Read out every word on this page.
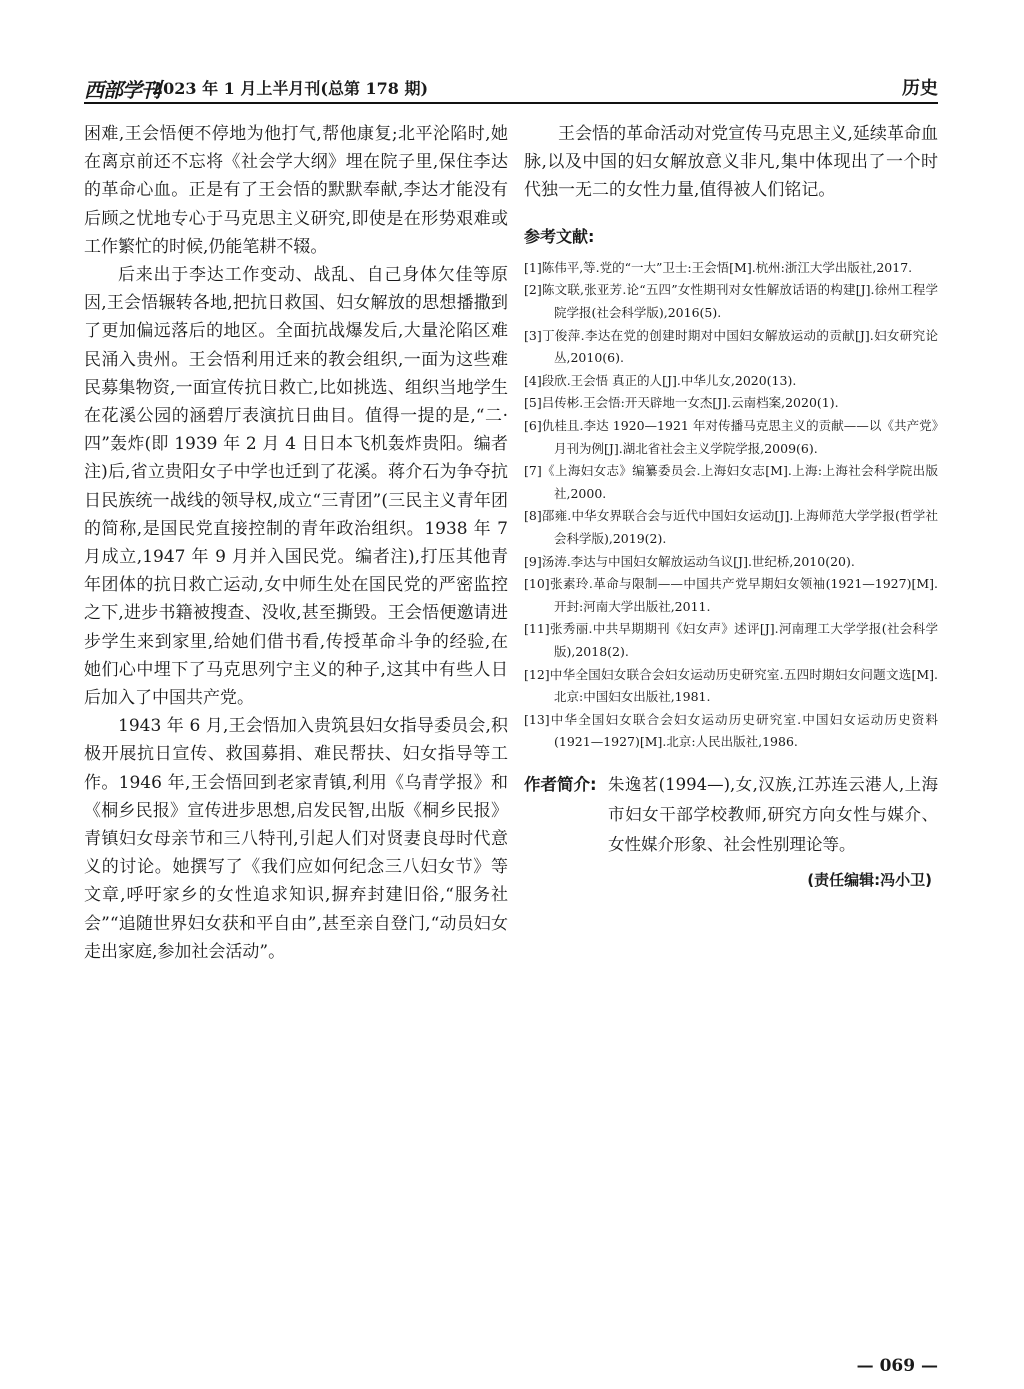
西部学刊
2023 年 1 月上半月刊(总第 178 期)	历史

困难,王会悟便不停地为他打气,帮他康复;北平沦陷时,她在离京前还不忘将《社会学大纲》埋在院子里,保住李达的革命心血。正是有了王会悟的默默奉献,李达才能没有后顾之忧地专心于马克思主义研究,即使是在形势艰难或工作繁忙的时候,仍能笔耕不辍。

后来出于李达工作变动、战乱、自己身体欠佳等原因,王会悟辗转各地,把抗日救国、妇女解放的思想播撒到了更加偏远落后的地区。全面抗战爆发后,大量沦陷区难民涌入贵州。王会悟利用迁来的教会组织,一面为这些难民募集物资,一面宣传抗日救亡,比如挑选、组织当地学生在花溪公园的涵碧厅表演抗日曲目。值得一提的是,“二·四”轰炸(即 1939 年 2 月 4 日日本飞机轰炸贵阳。编者注)后,省立贵阳女子中学也迁到了花溪。蒋介石为争夺抗日民族统一战线的领导权,成立“三青团”(三民主义青年团的简称,是国民党直接控制的青年政治组织。1938 年 7 月成立,1947 年 9 月并入国民党。编者注),打压其他青年团体的抗日救亡运动,女中师生处在国民党的严密监控之下,进步书籍被搜查、没收,甚至撕毁。王会悟便邀请进步学生来到家里,给她们借书看,传授革命斗争的经验,在她们心中埋下了马克思列宁主义的种子,这其中有些人日后加入了中国共产党。

1943 年 6 月,王会悟加入贵筑县妇女指导委员会,积极开展抗日宣传、救国募捐、难民帮扶、妇女指导等工作。1946 年,王会悟回到老家青镇,利用《乌青学报》和《桐乡民报》宣传进步思想,启发民智,出版《桐乡民报》青镇妇女母亲节和三八特刊,引起人们对贤妻良母时代意义的讨论。她撰写了《我们应如何纪念三八妇女节》等文章,呼吁家乡的女性追求知识,摒弃封建旧俗,“服务社会”“追随世界妇女获和平自由”,甚至亲自登门,“动员妇女走出家庭,参加社会活动”。

王会悟的革命活动对党宣传马克思主义,延续革命血脉,以及中国的妇女解放意义非凡,集中体现出了一个时代独一无二的女性力量,值得被人们铭记。

参考文献:

[1]陈伟平,等.党的“一大”卫士:王会悟[M].杭州:浙江大学出版社,2017.

[2]陈文联,张亚芳.论“五四”女性期刊对女性解放话语的构建[J].徐州工程学院学报(社会科学版),2016(5).

[3]丁俊萍.李达在党的创建时期对中国妇女解放运动的贡献[J].妇女研究论丛,2010(6).

[4]段欣.王会悟 真正的人[J].中华儿女,2020(13).

[5]吕传彬.王会悟:开天辟地一女杰[J].云南档案,2020(1).

[6]仇桂且.李达 1920—1921 年对传播马克思主义的贡献——以《共产党》月刊为例[J].湖北省社会主义学院学报,2009(6).

[7]《上海妇女志》编纂委员会.上海妇女志[M].上海:上海社会科学院出版社,2000.

[8]邵雍.中华女界联合会与近代中国妇女运动[J].上海师范大学学报(哲学社会科学版),2019(2).

[9]汤涛.李达与中国妇女解放运动刍议[J].世纪桥,2010(20).

[10]张素玲.革命与限制——中国共产党早期妇女领袖(1921—1927)[M].开封:河南大学出版社,2011.

[11]张秀丽.中共早期期刊《妇女声》述评[J].河南理工大学学报(社会科学版),2018(2).

[12]中华全国妇女联合会妇女运动历史研究室.五四时期妇女问题文选[M].北京:中国妇女出版社,1981.

[13]中华全国妇女联合会妇女运动历史研究室.中国妇女运动历史资料(1921—1927)[M].北京:人民出版社,1986.

作者简介: 朱逸茗(1994—),女,汉族,江苏连云港人,上海市妇女干部学校教师,研究方向女性与媒介、女性媒介形象、社会性别理论等。

(责任编辑:冯小卫)

— 069 —
